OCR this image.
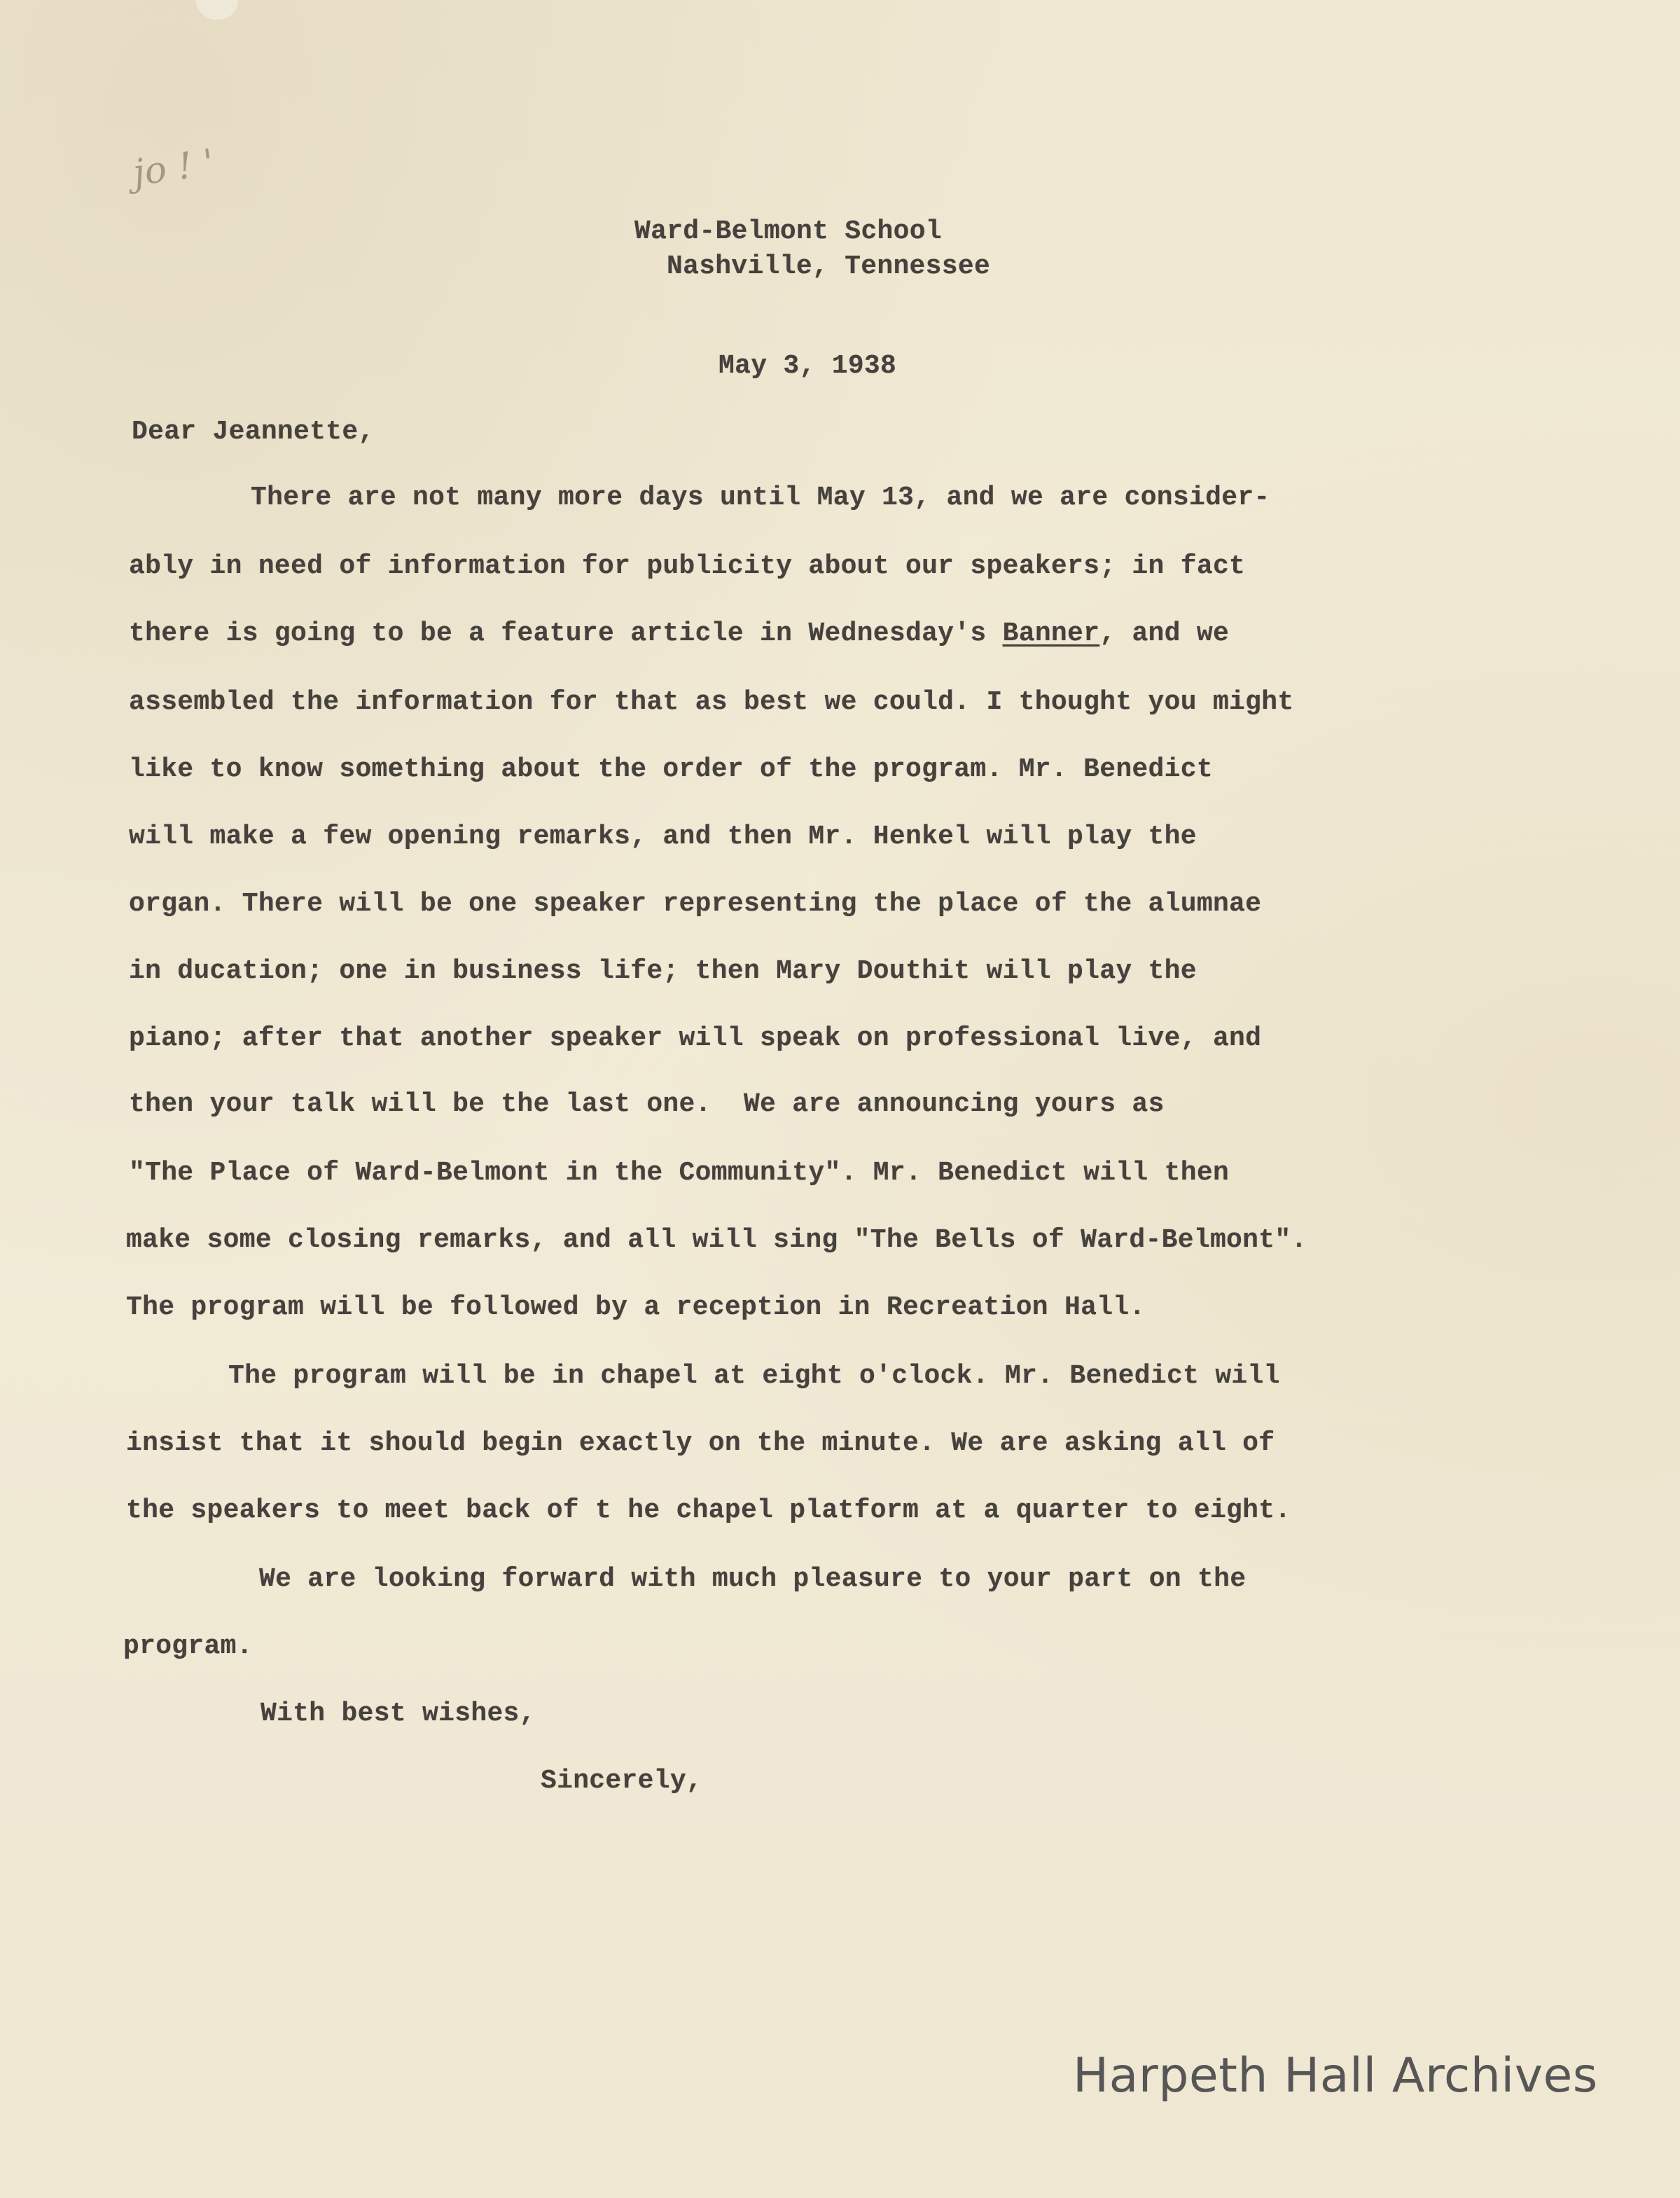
jo ! '
Ward-Belmont School
Nashville, Tennessee
May 3, 1938
Dear Jeannette,
There are not many more days until May 13, and we are consider-
ably in need of information for publicity about our speakers; in fact
there is going to be a feature article in Wednesday's Banner, and we
assembled the information for that as best we could. I thought you might
like to know something about the order of the program. Mr. Benedict
will make a few opening remarks, and then Mr. Henkel will play the
organ. There will be one speaker representing the place of the alumnae
in ducation; one in business life; then Mary Douthit will play the
piano; after that another speaker will speak on professional live, and
then your talk will be the last one.  We are announcing yours as
"The Place of Ward-Belmont in the Community". Mr. Benedict will then
make some closing remarks, and all will sing "The Bells of Ward-Belmont".
The program will be followed by a reception in Recreation Hall.
The program will be in chapel at eight o'clock. Mr. Benedict will
insist that it should begin exactly on the minute. We are asking all of
the speakers to meet back of t he chapel platform at a quarter to eight.
We are looking forward with much pleasure to your part on the
program.
With best wishes,
Sincerely,
Harpeth Hall Archives
